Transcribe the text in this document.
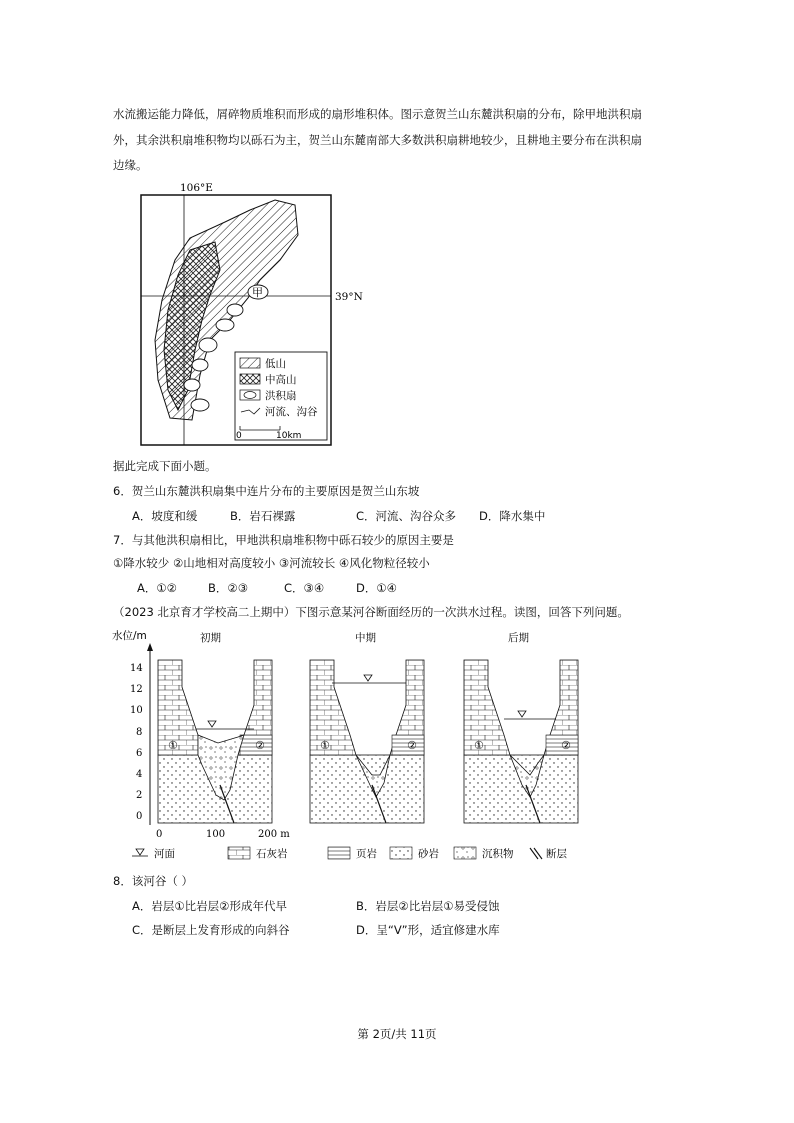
水流搬运能力降低，屑碎物质堆积而形成的扇形堆积体。图示意贺兰山东麓洪积扇的分布，除甲地洪积扇
外，其余洪积扇堆积物均以砾石为主，贺兰山东麓南部大多数洪积扇耕地较少，且耕地主要分布在洪积扇
边缘。
甲
106°E
39°N
低山
中高山
洪积扇
河流、沟谷
0	10km
据此完成下面小题。
6．贺兰山东麓洪积扇集中连片分布的主要原因是贺兰山东坡
A．坡度和缓	B．岩石裸露	C．河流、沟谷众多 D．降水集中
7．与其他洪积扇相比，甲地洪积扇堆积物中砾石较少的原因主要是
①降水较少 ②山地相对高度较小 ③河流较长 ④风化物粒径较小
A．①②	B．②③	C．③④	D．①④
（2023 北京育才学校高二上期中）下图示意某河谷断面经历的一次洪水过程。读图，回答下列问题。
水位/m
14
12
10
8
6
4
2
0
0	100	200 m
初期	中期	后期
①	②	①	②	①	②
河面	石灰岩	页岩	砂岩	沉积物	断层
8．该河谷（ ）
A．岩层①比岩层②形成年代早	B．岩层②比岩层①易受侵蚀
C．是断层上发育形成的向斜谷	D．呈“V”形，适宜修建水库
第 2页/共 11页
